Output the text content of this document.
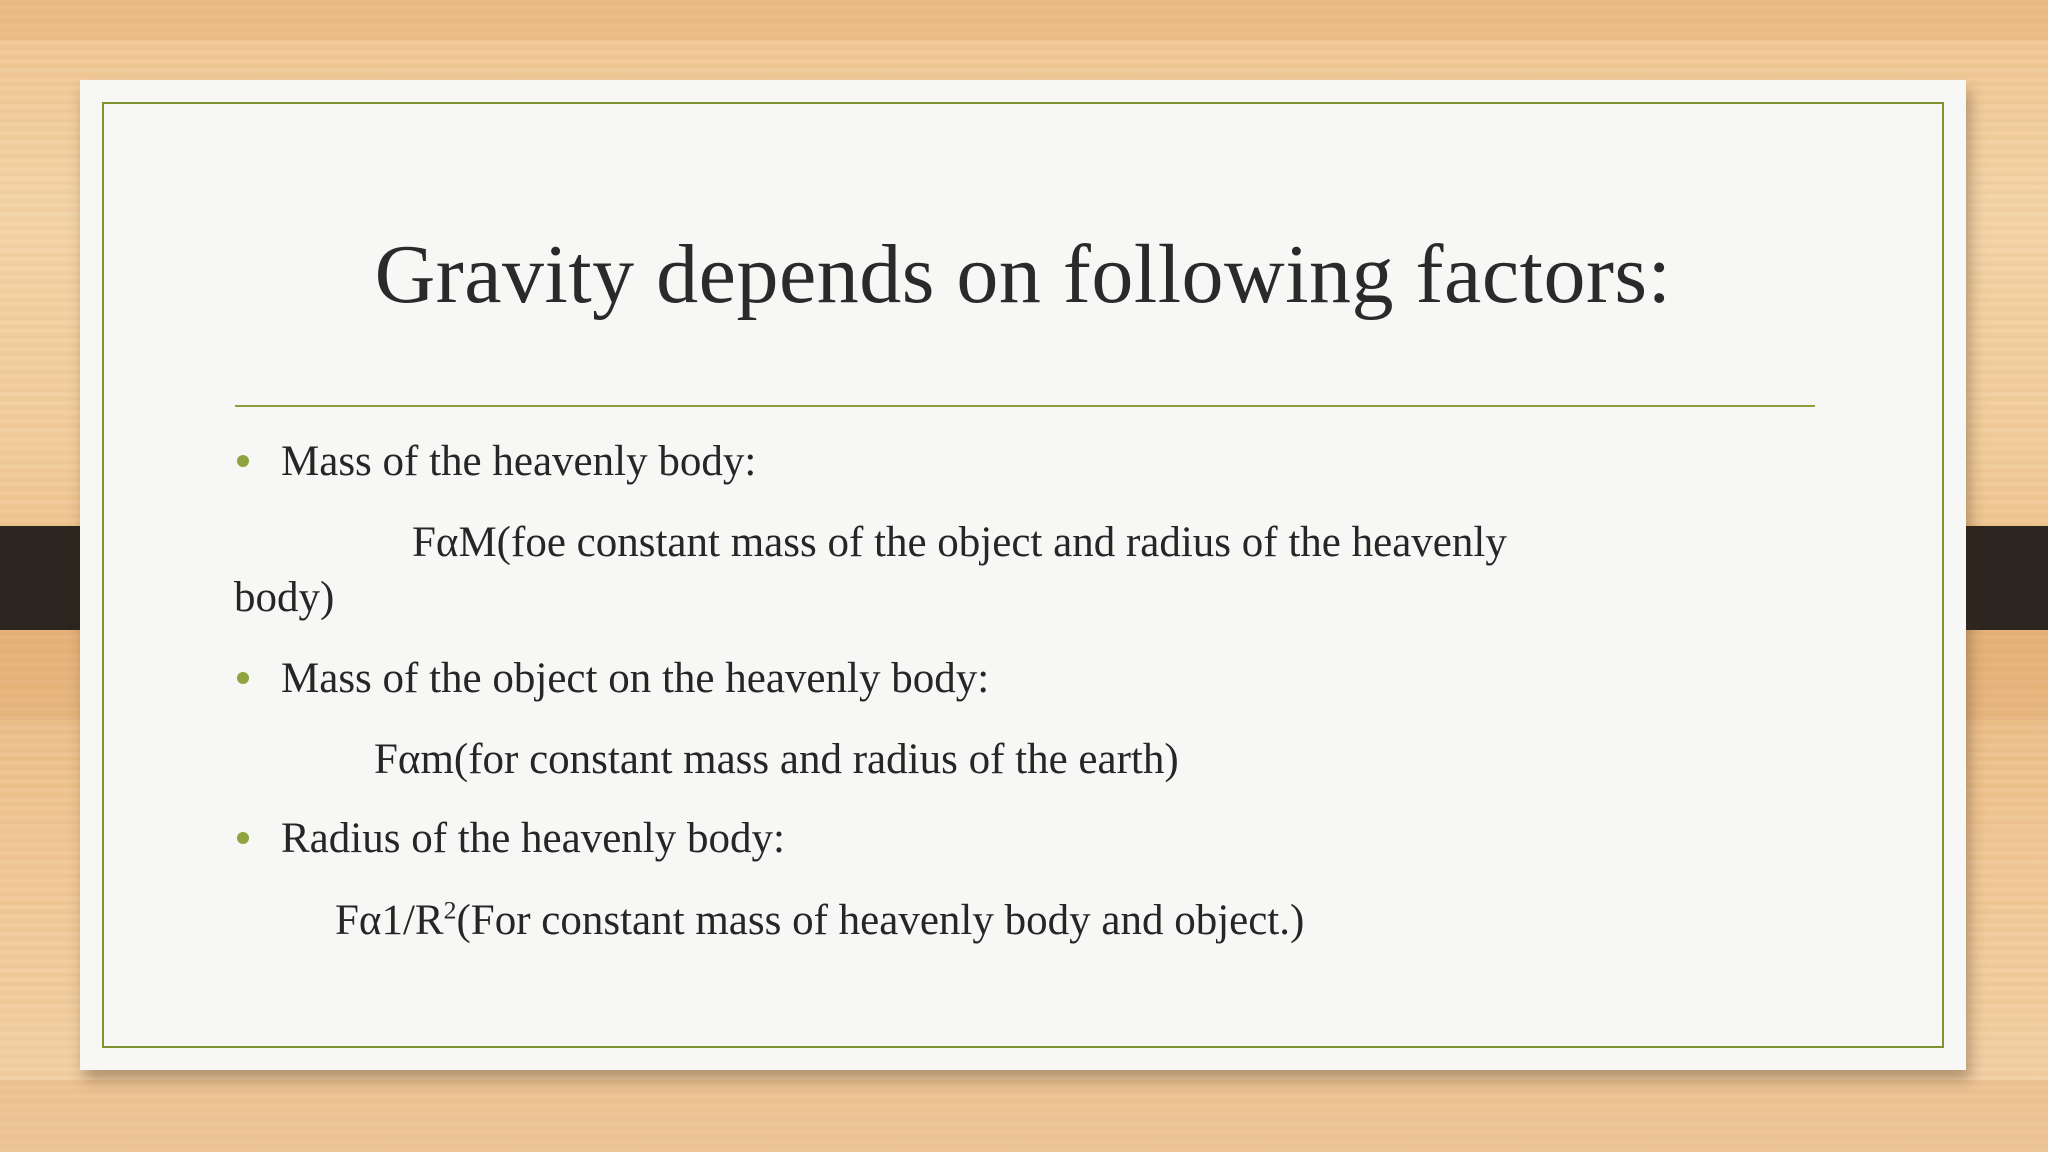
Gravity depends on following factors:
Mass of the heavenly body:
FαM(foe constant mass of the object and radius of the heavenly
body)
Mass of the object on the heavenly body:
Fαm(for constant mass and radius of the earth)
Radius of the heavenly body:
$F\alpha 1/R^2(For$ constant mass of heavenly body and object.)
